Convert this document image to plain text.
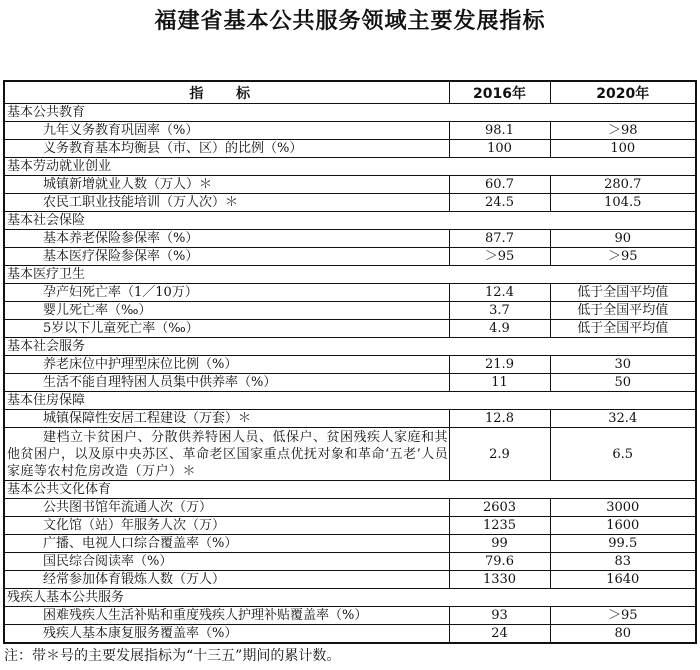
福建省基本公共服务领域主要发展指标
指 标	2016年	2020年
基本公共教育		
九年义务教育巩固率（%）	98.1	＞98
义务教育基本均衡县（市、区）的比例（%）	100	100
基本劳动就业创业		
城镇新增就业人数（万人）＊	60.7	280.7
农民工职业技能培训（万人次）＊	24.5	104.5
基本社会保险		
基本养老保险参保率（%）	87.7	90
基本医疗保险参保率（%）	＞95	＞95
基本医疗卫生		
孕产妇死亡率（1／10万）	12.4	低于全国平均值
婴儿死亡率（‰）	3.7	低于全国平均值
5岁以下儿童死亡率（‰）	4.9	低于全国平均值
基本社会服务		
养老床位中护理型床位比例（%）	21.9	30
生活不能自理特困人员集中供养率（%）	11	50
基本住房保障		
城镇保障性安居工程建设（万套）＊	12.8	32.4
建档立卡贫困户、分散供养特困人员、低保户、贫困残疾人家庭和其他贫困户，以及原中央苏区、革命老区国家重点优抚对象和革命‘五老’人员家庭等农村危房改造（万户）＊	2.9	6.5
基本公共文化体育		
公共图书馆年流通人次（万）	2603	3000
文化馆（站）年服务人次（万）	1235	1600
广播、电视人口综合覆盖率（%）	99	99.5
国民综合阅读率（%）	79.6	83
经常参加体育锻炼人数（万人）	1330	1640
残疾人基本公共服务		
困难残疾人生活补贴和重度残疾人护理补贴覆盖率（%）	93	＞95
残疾人基本康复服务覆盖率（%）	24	80
注：带＊号的主要发展指标为“十三五”期间的累计数。
